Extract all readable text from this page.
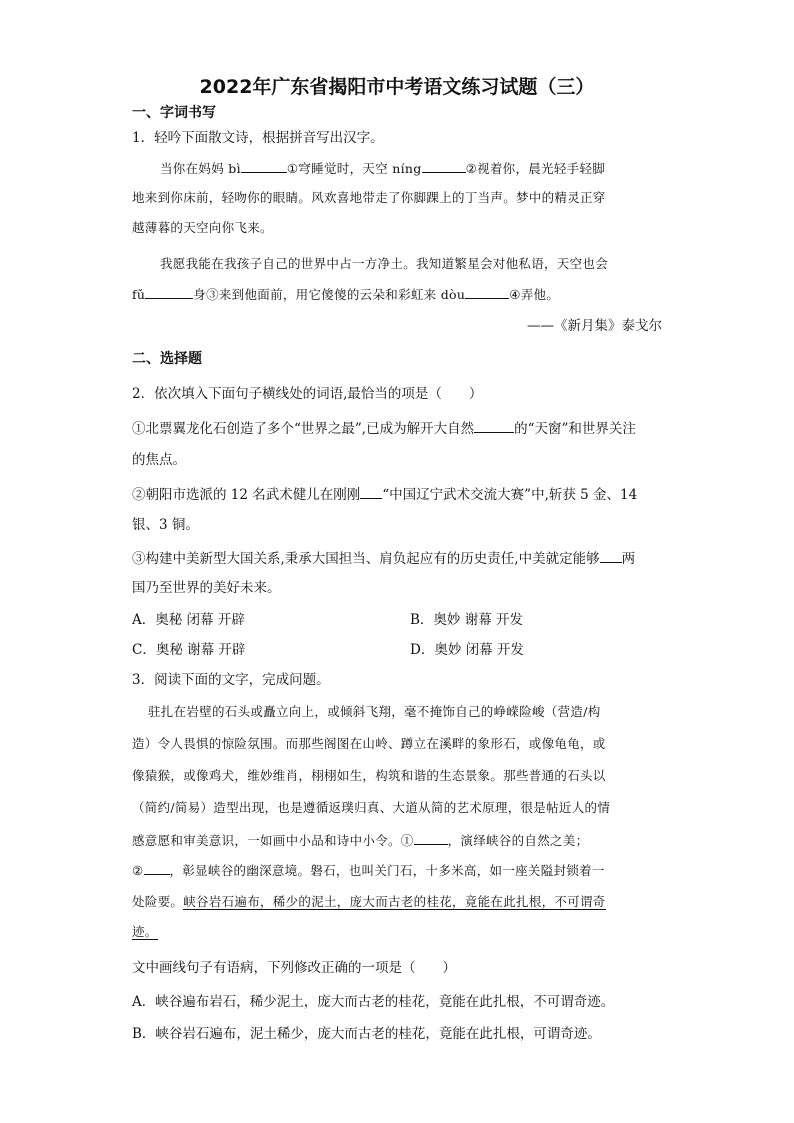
2022年广东省揭阳市中考语文练习试题（三）
一、字词书写
1．轻吟下面散文诗，根据拼音写出汉字。
当你在妈妈 bì	①穹睡觉时，天空 níng	②视着你，晨光轻手轻脚
地来到你床前，轻吻你的眼睛。风欢喜地带走了你脚踝上的丁当声。梦中的精灵正穿
越薄暮的天空向你飞来。
我愿我能在我孩子自己的世界中占一方净土。我知道繁星会对他私语，天空也会
fǔ	身③来到他面前，用它傻傻的云朵和彩虹来 dòu	④弄他。
——《新月集》泰戈尔
二、选择题
2．依次填入下面句子横线处的词语,最恰当的项是（　　）
①北票翼龙化石创造了多个“世界之最”,已成为解开大自然	的“天窗”和世界关注
的焦点。
②朝阳市选派的 12 名武术健儿在刚刚 “中国辽宁武术交流大赛”中,斩获 5 金、14
银、3 铜。
③构建中美新型大国关系,秉承大国担当、肩负起应有的历史责任,中美就定能够 两
国乃至世界的美好未来。
A．奥秘 闭幕 开辟	B．奥妙 谢幕 开发
C．奥秘 谢幕 开辟	D．奥妙 闭幕 开发
3．阅读下面的文字，完成问题。
驻扎在岩壁的石头或矗立向上，或倾斜飞翔，毫不掩饰自己的峥嵘险峻（营造/构
造）令人畏惧的惊险氛围。而那些阁图在山岭、蹲立在溪畔的象形石，或像龟龟，或
像猿猴，或像鸡犬，维妙维肖，栩栩如生，构筑和谐的生态景象。那些普通的石头以
（简约/简易）造型出现，也是遵循返璞归真、大道从简的艺术原理，很是帖近人的情
感意愿和审美意识，一如画中小品和诗中小令。①	，演绎峡谷的自然之美；
② ，彰显峡谷的幽深意境。磐石，也叫关门石，十多米高，如一座关隘封锁着一
处险要。峡谷岩石遍布，稀少的泥土，庞大而古老的桂花，竟能在此扎根，不可谓奇
迹。
文中画线句子有语病，下列修改正确的一项是（　　）
A．峡谷遍布岩石，稀少泥土，庞大而古老的桂花，竟能在此扎根，不可谓奇迹。
B．峡谷岩石遍布，泥土稀少，庞大而古老的桂花，竟能在此扎根，可谓奇迹。
